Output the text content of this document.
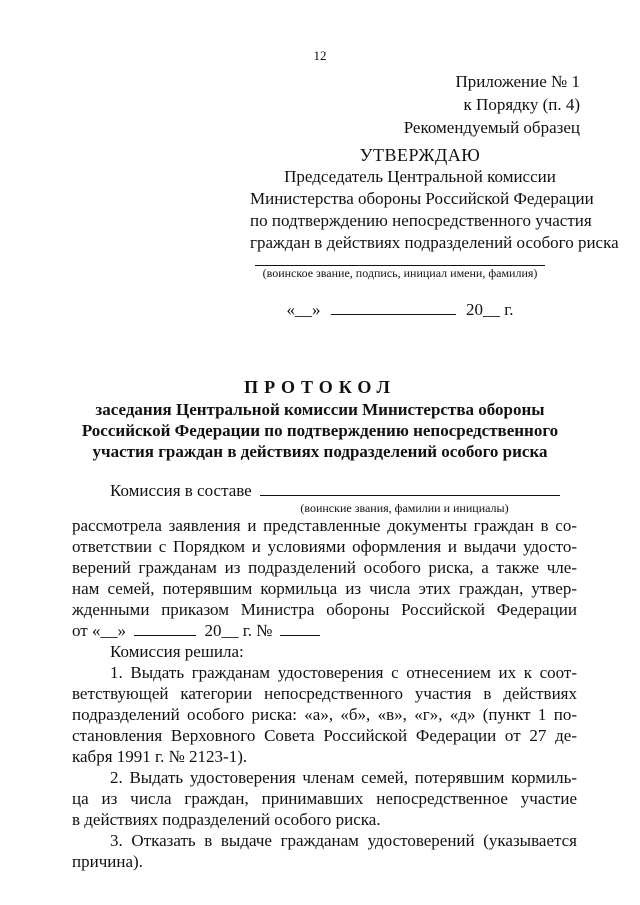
12
Приложение № 1
к Порядку (п. 4)
Рекомендуемый образец
УТВЕРЖДАЮ
Председатель Центральной комиссии
Министерства обороны Российской Федерации
по подтверждению непосредственного участия
граждан в действиях подразделений особого риска
(воинское звание, подпись, инициал имени, фамилия)
«__»	20__ г.
ПРОТОКОЛ
заседания Центральной комиссии Министерства обороны
Российской Федерации по подтверждению непосредственного
участия граждан в действиях подразделений особого риска
Комиссия в составе
(воинские звания, фамилии и инициалы)
рассмотрела заявления и представленные документы граждан в со-
ответствии с Порядком и условиями оформления и выдачи удосто-
верений гражданам из подразделений особого риска, а также чле-
нам семей, потерявшим кормильца из числа этих граждан, утвер-
жденными приказом Министра обороны Российской Федерации
от «__»	20__ г. №
Комиссия решила:
1. Выдать гражданам удостоверения с отнесением их к соот-
ветствующей категории непосредственного участия в действиях
подразделений особого риска: «а», «б», «в», «г», «д» (пункт 1 по-
становления Верховного Совета Российской Федерации от 27 де-
кабря 1991 г. № 2123-1).
2. Выдать удостоверения членам семей, потерявшим кормиль-
ца из числа граждан, принимавших непосредственное участие
в действиях подразделений особого риска.
3. Отказать в выдаче гражданам удостоверений (указывается
причина).
